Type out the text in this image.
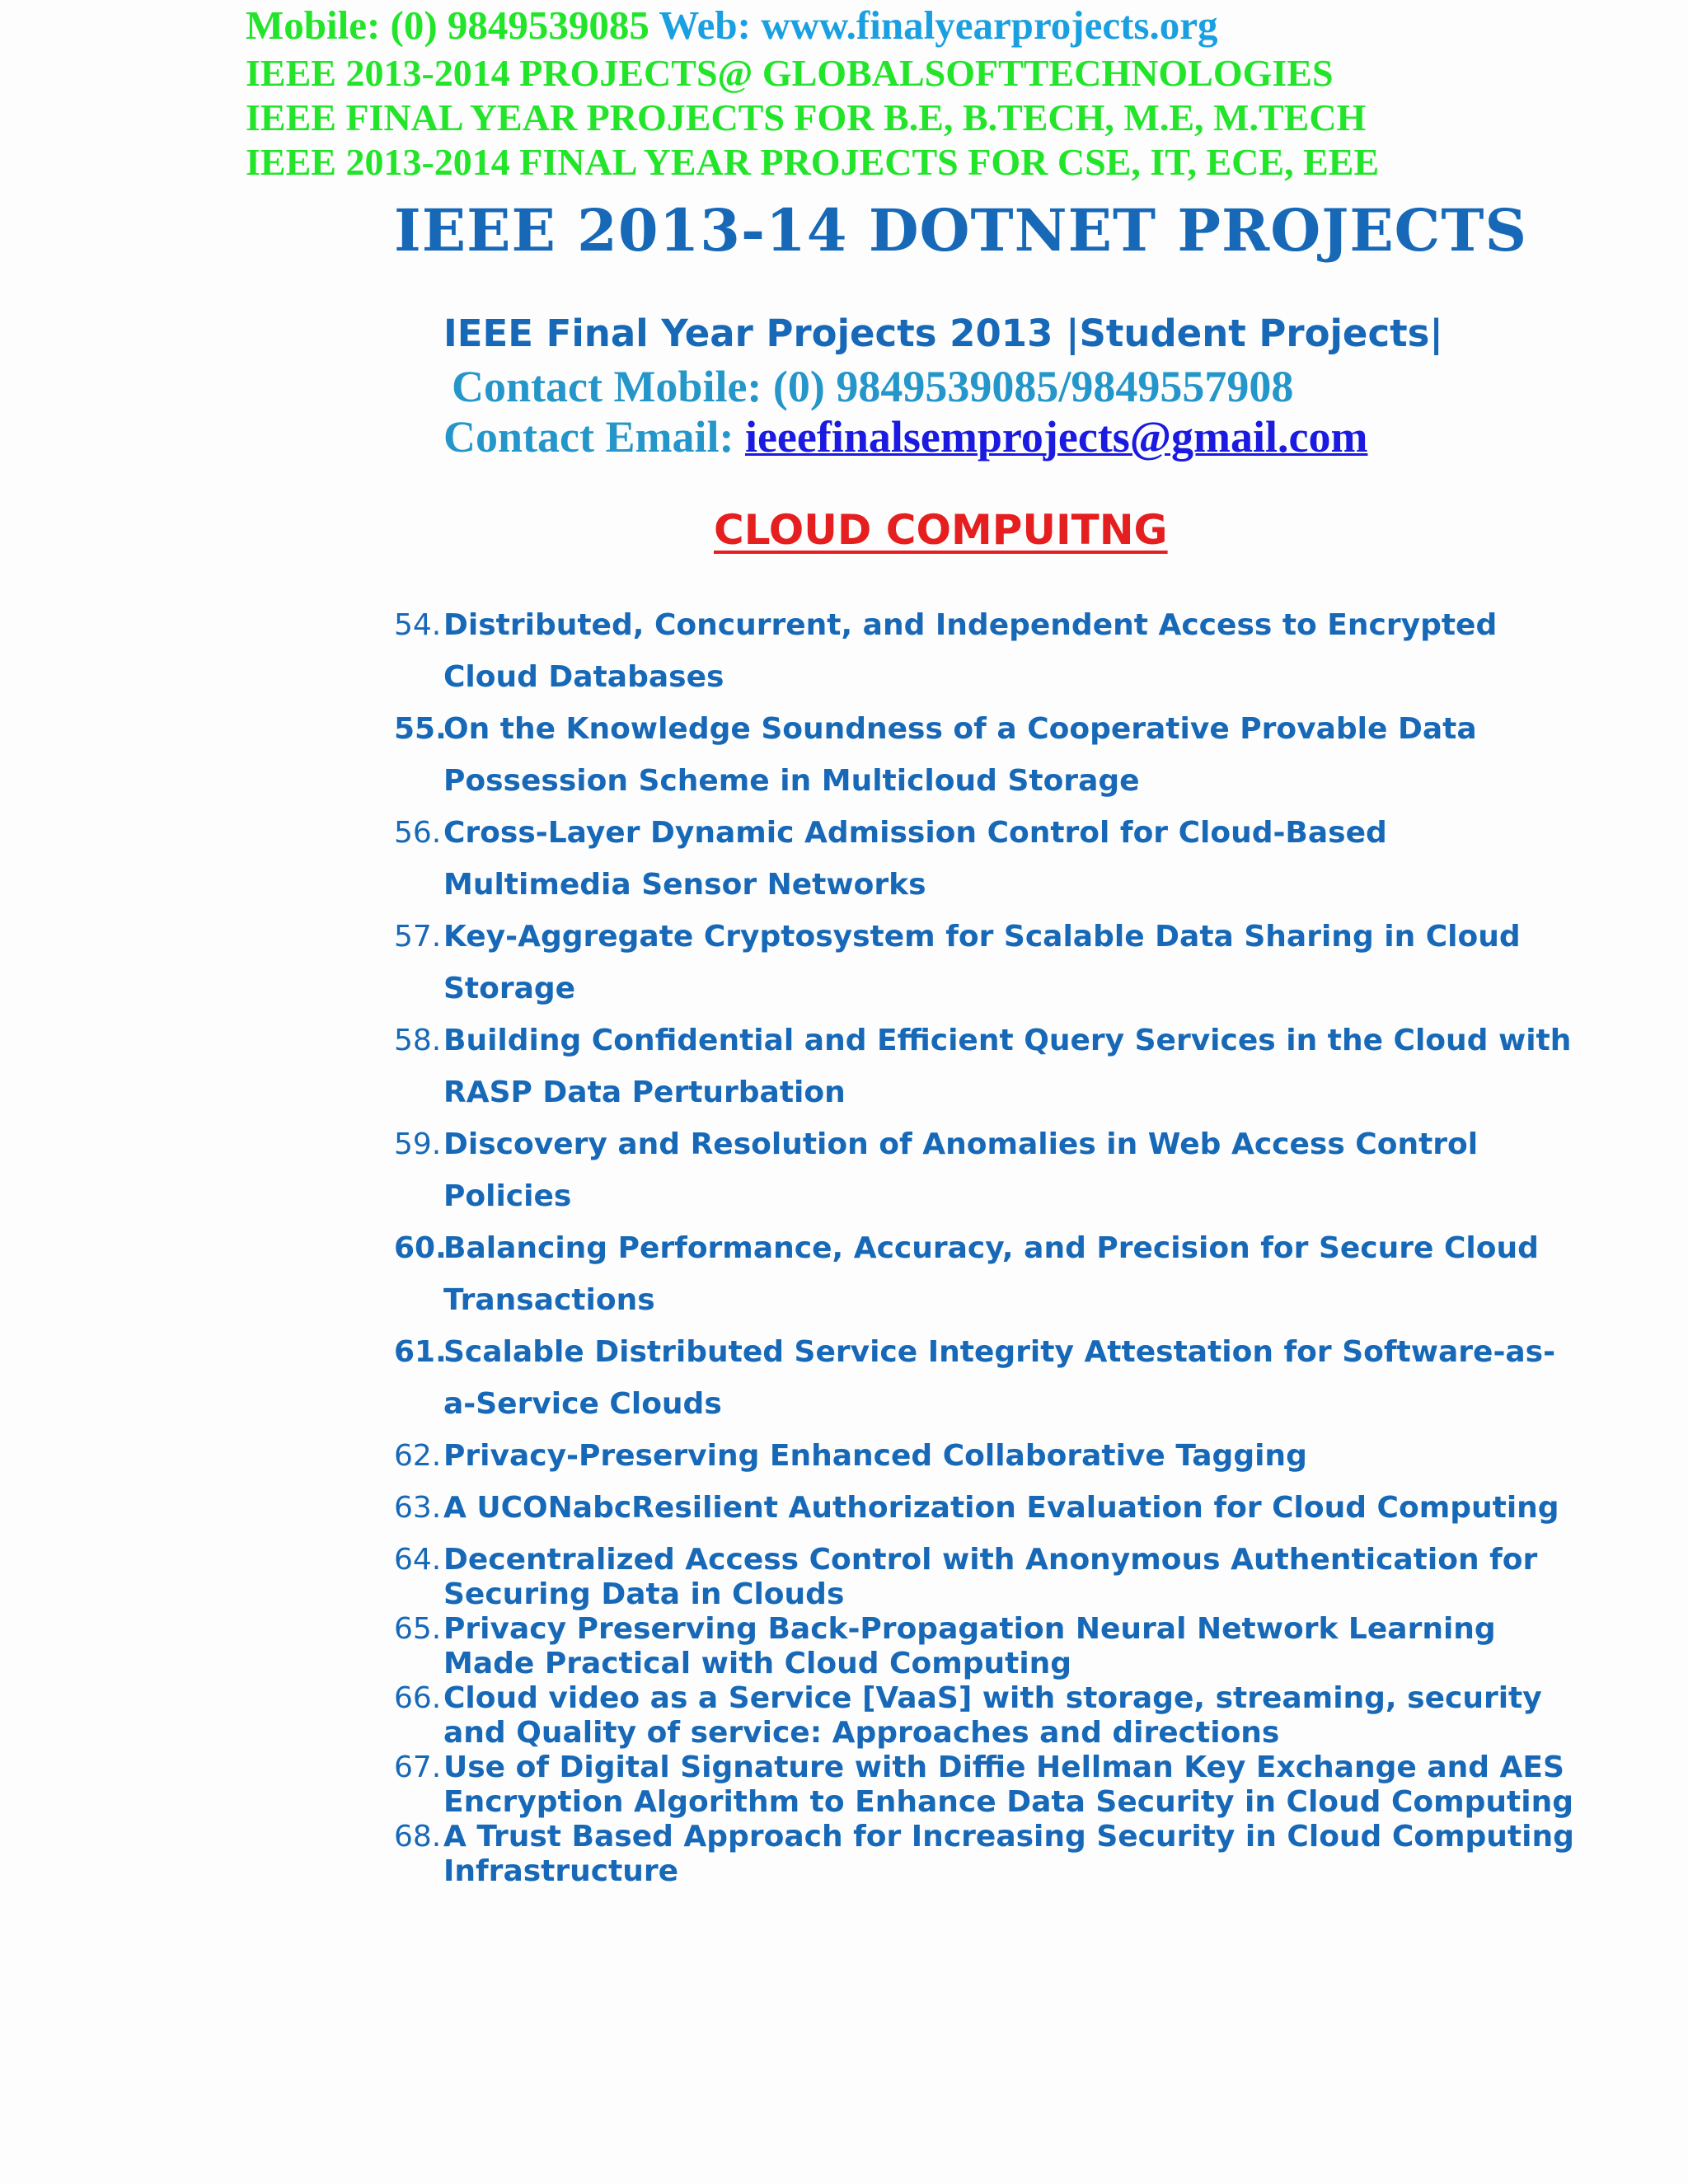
Mobile: (0) 9849539085 Web: www.finalyearprojects.org
IEEE 2013-2014 PROJECTS@ GLOBALSOFTTECHNOLOGIES
IEEE FINAL YEAR PROJECTS FOR B.E, B.TECH, M.E, M.TECH
IEEE 2013-2014 FINAL YEAR PROJECTS FOR CSE, IT, ECE, EEE
IEEE 2013-14 DOTNET PROJECTS
IEEE Final Year Projects 2013 |Student Projects|
Contact Mobile: (0) 9849539085/9849557908
Contact Email: ieeefinalsemprojects@gmail.com
CLOUD COMPUITNG
54. Distributed, Concurrent, and Independent Access to Encrypted
Cloud Databases
55.
On the Knowledge Soundness of a Cooperative Provable Data
Possession Scheme in Multicloud Storage
56. Cross-Layer Dynamic Admission Control for Cloud-Based
Multimedia Sensor Networks
57. Key-Aggregate Cryptosystem for Scalable Data Sharing in Cloud
Storage
58. Building Confidential and Efficient Query Services in the Cloud with
RASP Data Perturbation
59. Discovery and Resolution of Anomalies in Web Access Control
Policies
60.
Balancing Performance, Accuracy, and Precision for Secure Cloud
Transactions
61.
Scalable Distributed Service Integrity Attestation for Software-as-
a-Service Clouds
62. Privacy-Preserving Enhanced Collaborative Tagging
63. A UCONabcResilient Authorization Evaluation for Cloud Computing
64. Decentralized Access Control with Anonymous Authentication for
Securing Data in Clouds
65. Privacy Preserving Back-Propagation Neural Network Learning
Made Practical with Cloud Computing
66. Cloud video as a Service [VaaS] with storage, streaming, security
and Quality of service: Approaches and directions
67. Use of Digital Signature with Diffie Hellman Key Exchange and AES
Encryption Algorithm to Enhance Data Security in Cloud Computing
68. A Trust Based Approach for Increasing Security in Cloud Computing
Infrastructure
